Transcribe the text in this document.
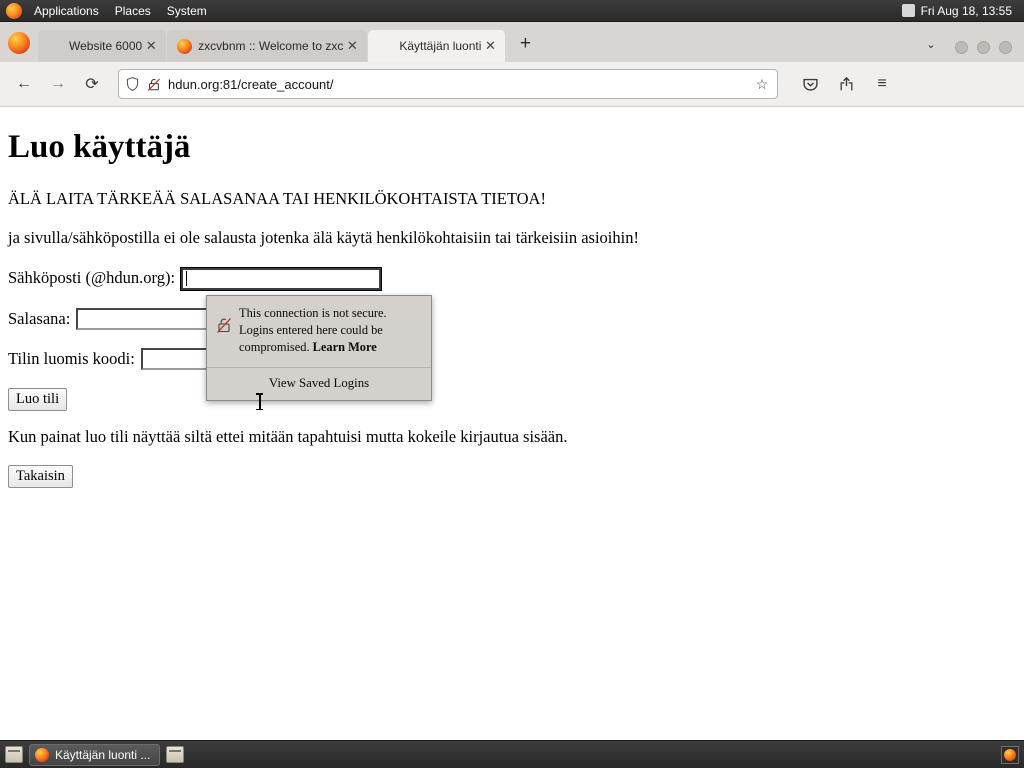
Applications	Places	System	Fri Aug 18, 13:55
Website 6000 ✕	zxcvbnm :: Welcome to zxc ✕	Käyttäjän luonti ✕	+	⌄
←	→	⟳	hdun.org:81/create_account/	☆	≡
Luo käyttäjä

ÄLÄ LAITA TÄRKEÄÄ SALASANAA TAI HENKILÖKOHTAISTA TIETOA!

ja sivulla/sähköpostilla ei ole salausta jotenka älä käytä henkilökohtaisiin tai tärkeisiin asioihin!

Sähköposti (@hdun.org):
Salasana:
Tilin luomis koodi:
Luo tili

Kun painat luo tili näyttää siltä ettei mitään tapahtuisi mutta kokeile kirjautua sisään.

Takaisin
This connection is not secure.
Logins entered here could be
compromised. Learn More
View Saved Logins
Käyttäjän luonti ...
